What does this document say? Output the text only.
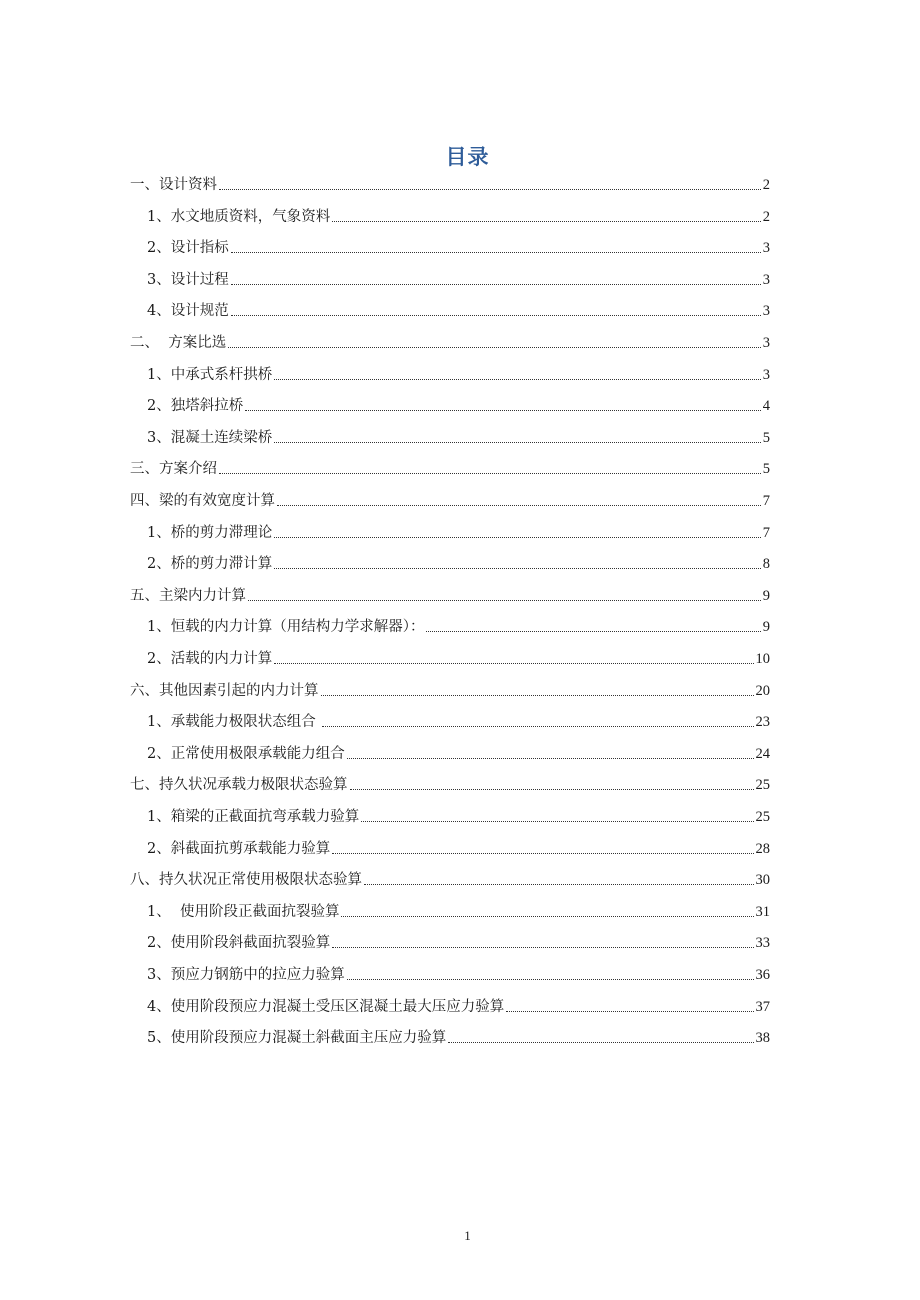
目录
一、设计资料	2
1、水文地质资料，气象资料	2
2、设计指标	3
3、设计过程	3
4、设计规范	3
二、  方案比选	3
1、中承式系杆拱桥	3
2、独塔斜拉桥	4
3、混凝土连续梁桥	5
三、方案介绍	5
四、梁的有效宽度计算	7
1、桥的剪力滞理论	7
2、桥的剪力滞计算	8
五、主梁内力计算	9
1、恒载的内力计算（用结构力学求解器）：	9
2、活载的内力计算	10
六、其他因素引起的内力计算	20
1、承载能力极限状态组合	23
2、正常使用极限承载能力组合	24
七、持久状况承载力极限状态验算	25
1、箱梁的正截面抗弯承载力验算	25
2、斜截面抗剪承载能力验算	28
八、持久状况正常使用极限状态验算	30
1、  使用阶段正截面抗裂验算	31
2、使用阶段斜截面抗裂验算	33
3、预应力钢筋中的拉应力验算	36
4、使用阶段预应力混凝土受压区混凝土最大压应力验算	37
5、使用阶段预应力混凝土斜截面主压应力验算	38
1
